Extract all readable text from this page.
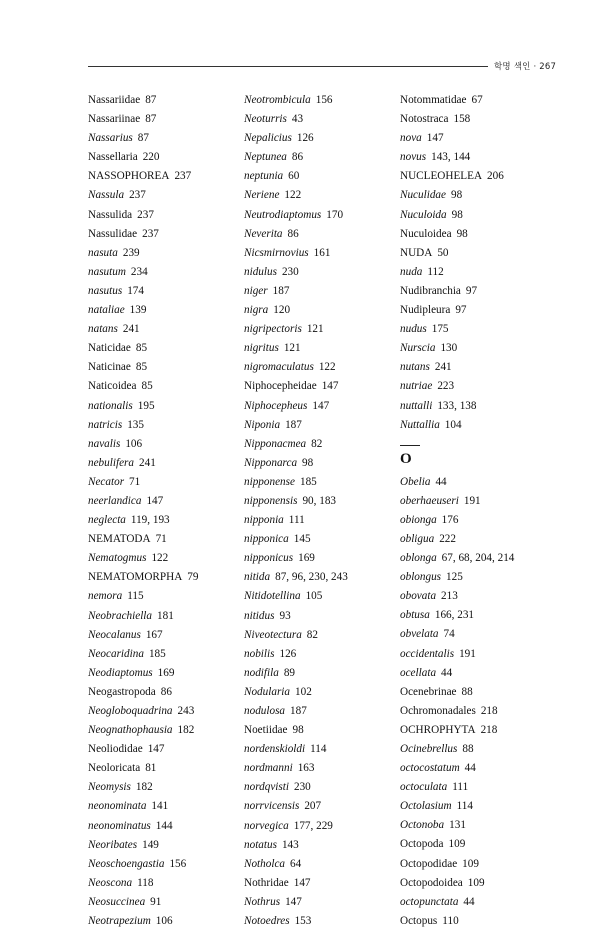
학명 색인 · 267
Nassariidae 87
Nassariinae 87
Nassarius 87
Nassellaria 220
NASSOPHOREA 237
Nassula 237
Nassulida 237
Nassulidae 237
nasuta 239
nasutum 234
nasutus 174
nataliae 139
natans 241
Naticidae 85
Naticinae 85
Naticoidea 85
nationalis 195
natricis 135
navalis 106
nebulifera 241
Necator 71
neerlandica 147
neglecta 119, 193
NEMATODA 71
Nematogmus 122
NEMATOMORPHA 79
nemora 115
Neobrachiella 181
Neocalanus 167
Neocaridina 185
Neodiaptomus 169
Neogastropoda 86
Neogloboquadrina 243
Neognathophausia 182
Neoliodidae 147
Neoloricata 81
Neomysis 182
neonominata 141
neonominatus 144
Neoribates 149
Neoschoengastia 156
Neoscona 118
Neosuccinea 91
Neotrapezium 106
Neotrombicula 156
Neoturris 43
Nepalicius 126
Neptunea 86
neptunia 60
Neriene 122
Neutrodiaptomus 170
Neverita 86
Nicsmirnovius 161
nidulus 230
niger 187
nigra 120
nigripectoris 121
nigritus 121
nigromaculatus 122
Niphocepheidae 147
Niphocepheus 147
Niponia 187
Nipponacmea 82
Nipponarca 98
nipponense 185
nipponensis 90, 183
nipponia 111
nipponica 145
nipponicus 169
nitida 87, 96, 230, 243
Nitidotellina 105
nitidus 93
Niveotectura 82
nobilis 126
nodifila 89
Nodularia 102
nodulosa 187
Noetiidae 98
nordenskioldi 114
nordmanni 163
nordqvisti 230
norrvicensis 207
norvegica 177, 229
notatus 143
Notholca 64
Nothridae 147
Nothrus 147
Notoedres 153
Notommatidae 67
Notostraca 158
nova 147
novus 143, 144
NUCLEOHELEA 206
Nuculidae 98
Nuculoida 98
Nuculoidea 98
NUDA 50
nuda 112
Nudibranchia 97
Nudipleura 97
nudus 175
Nurscia 130
nutans 241
nutriae 223
nuttalli 133, 138
Nuttallia 104
O
Obelia 44
oberhaeuseri 191
obionga 176
obligua 222
oblonga 67, 68, 204, 214
oblongus 125
obovata 213
obtusa 166, 231
obvelata 74
occidentalis 191
ocellata 44
Ocenebrinae 88
Ochromonadales 218
OCHROPHYTA 218
Ocinebrellus 88
octocostatum 44
octoculata 111
Octolasium 114
Octonoba 131
Octopoda 109
Octopodidae 109
Octopodoidea 109
octopunctata 44
Octopus 110
